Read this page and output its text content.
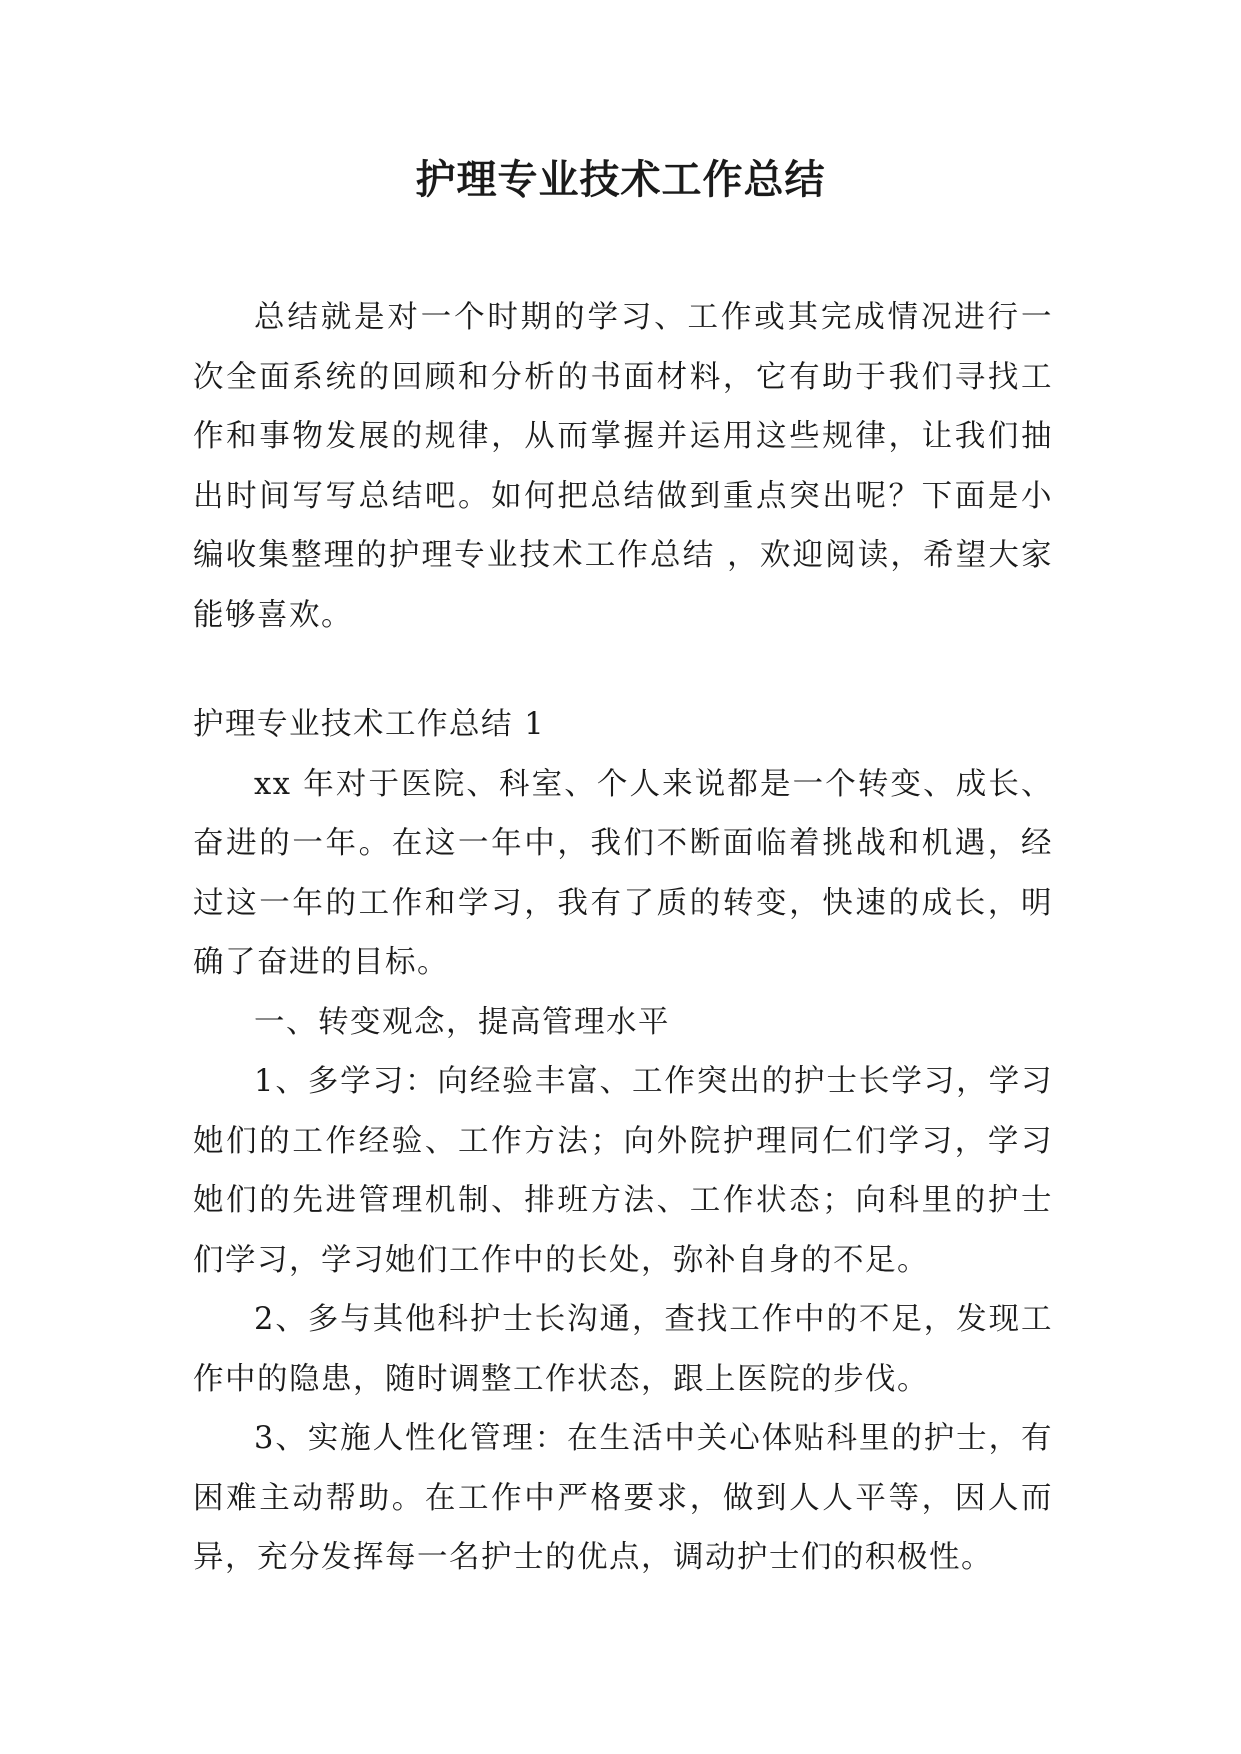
护理专业技术工作总结

总结就是对一个时期的学习、工作或其完成情况进行一次全面系统的回顾和分析的书面材料，它有助于我们寻找工作和事物发展的规律，从而掌握并运用这些规律，让我们抽出时间写写总结吧。如何把总结做到重点突出呢？下面是小编收集整理的护理专业技术工作总结 ，欢迎阅读，希望大家能够喜欢。

护理专业技术工作总结 1

xx 年对于医院、科室、个人来说都是一个转变、成长、奋进的一年。在这一年中，我们不断面临着挑战和机遇，经过这一年的工作和学习，我有了质的转变，快速的成长，明确了奋进的目标。

一、转变观念，提高管理水平

1、多学习：向经验丰富、工作突出的护士长学习，学习她们的工作经验、工作方法；向外院护理同仁们学习，学习她们的先进管理机制、排班方法、工作状态；向科里的护士们学习，学习她们工作中的长处，弥补自身的不足。

2、多与其他科护士长沟通，查找工作中的不足，发现工作中的隐患，随时调整工作状态，跟上医院的步伐。

3、实施人性化管理：在生活中关心体贴科里的护士，有困难主动帮助。在工作中严格要求，做到人人平等，因人而异，充分发挥每一名护士的优点，调动护士们的积极性。
